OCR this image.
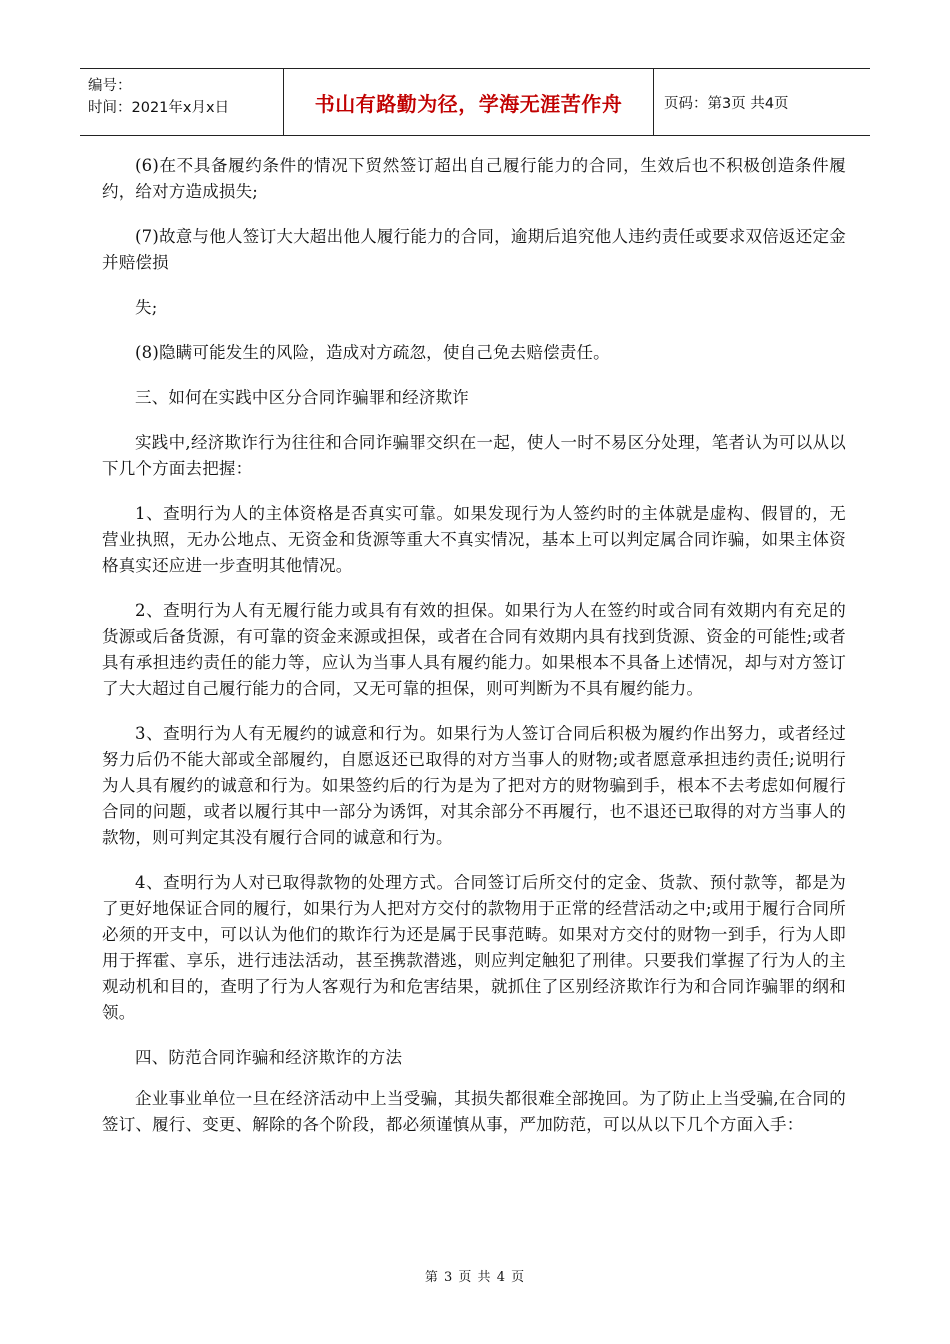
编号：
时间：2021年x月x日	书山有路勤为径，学海无涯苦作舟	页码：第3页 共4页

(6)在不具备履约条件的情况下贸然签订超出自己履行能力的合同，生效后也不积极创造条件履约，给对方造成损失;

(7)故意与他人签订大大超出他人履行能力的合同，逾期后追究他人违约责任或要求双倍返还定金并赔偿损

失;

(8)隐瞒可能发生的风险，造成对方疏忽，使自己免去赔偿责任。

三、如何在实践中区分合同诈骗罪和经济欺诈

实践中,经济欺诈行为往往和合同诈骗罪交织在一起，使人一时不易区分处理，笔者认为可以从以下几个方面去把握：

1、查明行为人的主体资格是否真实可靠。如果发现行为人签约时的主体就是虚构、假冒的，无营业执照，无办公地点、无资金和货源等重大不真实情况，基本上可以判定属合同诈骗，如果主体资格真实还应进一步查明其他情况。

2、查明行为人有无履行能力或具有有效的担保。如果行为人在签约时或合同有效期内有充足的货源或后备货源，有可靠的资金来源或担保，或者在合同有效期内具有找到货源、资金的可能性;或者具有承担违约责任的能力等，应认为当事人具有履约能力。如果根本不具备上述情况，却与对方签订了大大超过自己履行能力的合同，又无可靠的担保，则可判断为不具有履约能力。

3、查明行为人有无履约的诚意和行为。如果行为人签订合同后积极为履约作出努力，或者经过努力后仍不能大部或全部履约，自愿返还已取得的对方当事人的财物;或者愿意承担违约责任;说明行为人具有履约的诚意和行为。如果签约后的行为是为了把对方的财物骗到手，根本不去考虑如何履行合同的问题，或者以履行其中一部分为诱饵，对其余部分不再履行，也不退还已取得的对方当事人的款物，则可判定其没有履行合同的诚意和行为。

4、查明行为人对已取得款物的处理方式。合同签订后所交付的定金、货款、预付款等，都是为了更好地保证合同的履行，如果行为人把对方交付的款物用于正常的经营活动之中;或用于履行合同所必须的开支中，可以认为他们的欺诈行为还是属于民事范畴。如果对方交付的财物一到手，行为人即用于挥霍、享乐，进行违法活动，甚至携款潜逃，则应判定触犯了刑律。只要我们掌握了行为人的主观动机和目的，查明了行为人客观行为和危害结果，就抓住了区别经济欺诈行为和合同诈骗罪的纲和领。

四、防范合同诈骗和经济欺诈的方法

企业事业单位一旦在经济活动中上当受骗，其损失都很难全部挽回。为了防止上当受骗,在合同的签订、履行、变更、解除的各个阶段，都必须谨慎从事，严加防范，可以从以下几个方面入手：

第 3 页 共 4 页
